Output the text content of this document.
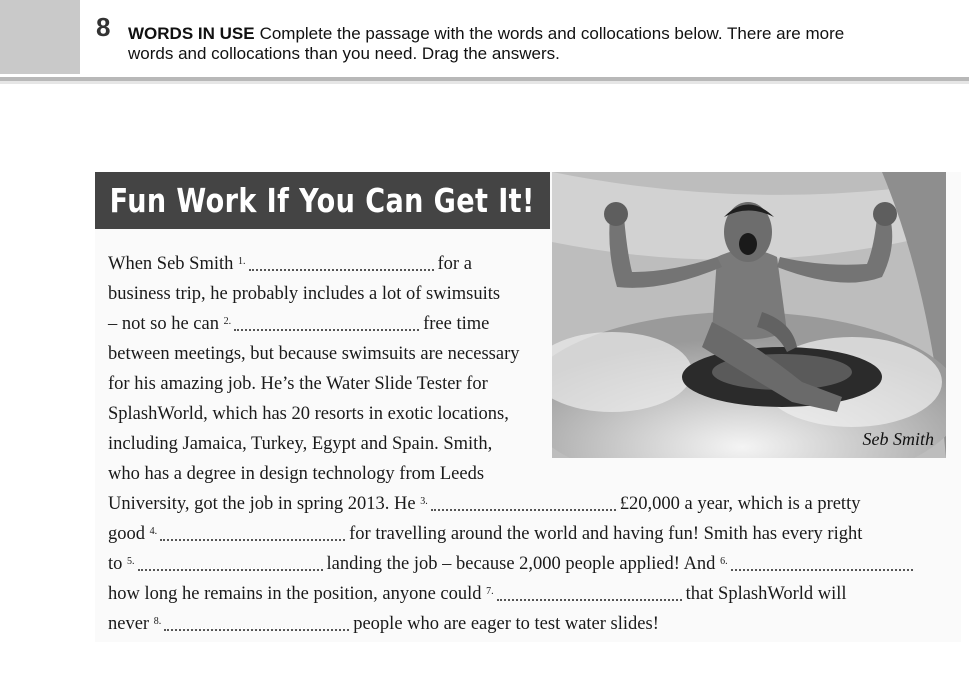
8 WORDS IN USE Complete the passage with the words and collocations below. There are more
words and collocations than you need. Drag the answers.
Fun Work If You Can Get It!
Seb Smith
When Seb Smith $^{1.}$	for a
business trip, he probably includes a lot of swimsuits
– not so he can $^{2.}$	free time
between meetings, but because swimsuits are necessary
for his amazing job. He’s the Water Slide Tester for
SplashWorld, which has 20 resorts in exotic locations,
including Jamaica, Turkey, Egypt and Spain. Smith,
who has a degree in design technology from Leeds
University, got the job in spring 2013. He $^{3.}$	£20,000 a year, which is a pretty
good $^{4.}$	for travelling around the world and having fun! Smith has every right
to $^{5.}$	landing the job – because 2,000 people applied! And $^{6.}$
how long he remains in the position, anyone could $^{7.}$	that SplashWorld will
never $^{8.}$	people who are eager to test water slides!
